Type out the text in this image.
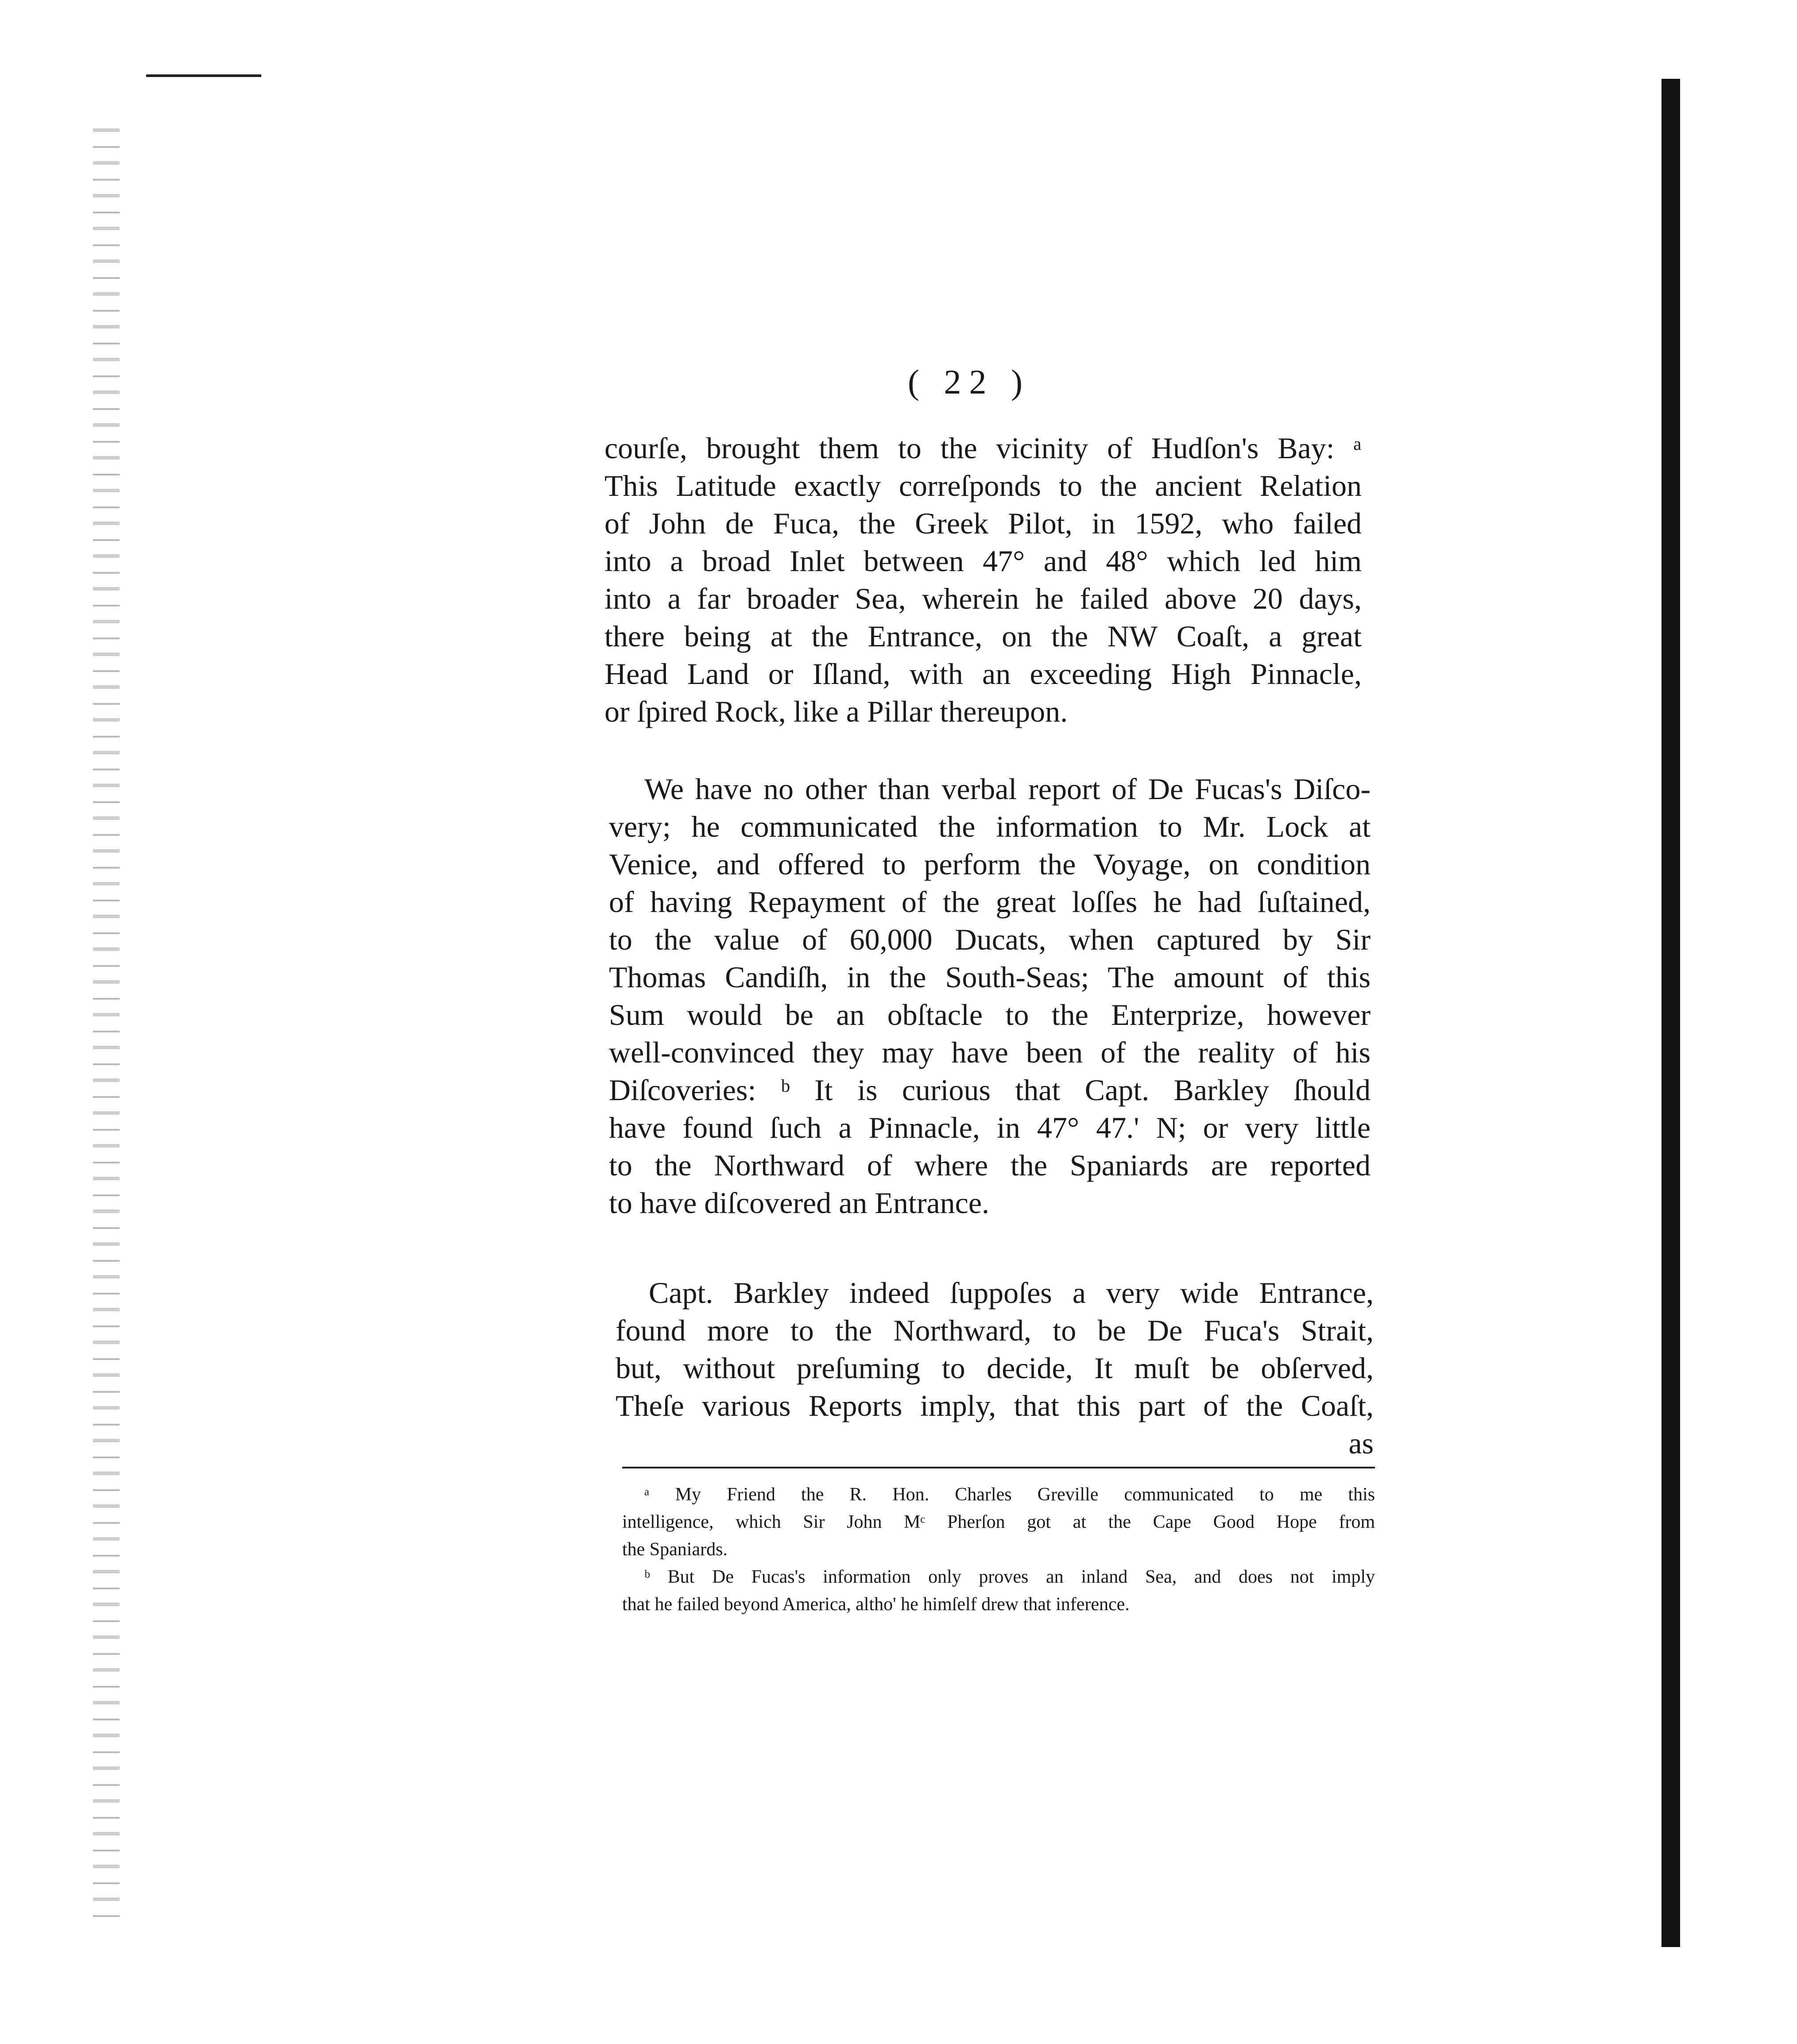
( 22 )
courſe, brought them to the vicinity of Hudſon's Bay: ᵃ
This Latitude exactly correſponds to the ancient Relation
of John de Fuca, the Greek Pilot, in 1592, who failed
into a broad Inlet between 47° and 48° which led him
into a far broader Sea, wherein he failed above 20 days,
there being at the Entrance, on the NW Coaſt, a great
Head Land or Iſland, with an exceeding High Pinnacle,
or ſpired Rock, like a Pillar thereupon.
We have no other than verbal report of De Fucas's Diſco-
very; he communicated the information to Mr. Lock at
Venice, and offered to perform the Voyage, on condition
of having Repayment of the great loſſes he had ſuſtained,
to the value of 60,000 Ducats, when captured by Sir
Thomas Candiſh, in the South-Seas; The amount of this
Sum would be an obſtacle to the Enterprize, however
well-convinced they may have been of the reality of his
Diſcoveries: ᵇ It is curious that Capt. Barkley ſhould
have found ſuch a Pinnacle, in 47° 47.' N; or very little
to the Northward of where the Spaniards are reported
to have diſcovered an Entrance.
Capt. Barkley indeed ſuppoſes a very wide Entrance,
found more to the Northward, to be De Fuca's Strait,
but, without preſuming to decide, It muſt be obſerved,
Theſe various Reports imply, that this part of the Coaſt,
as
ᵃ My Friend the R. Hon. Charles Greville communicated to me this
intelligence, which Sir John Mᶜ Pherſon got at the Cape Good Hope from
the Spaniards.
ᵇ But De Fucas's information only proves an inland Sea, and does not imply
that he failed beyond America, altho' he himſelf drew that inference.
